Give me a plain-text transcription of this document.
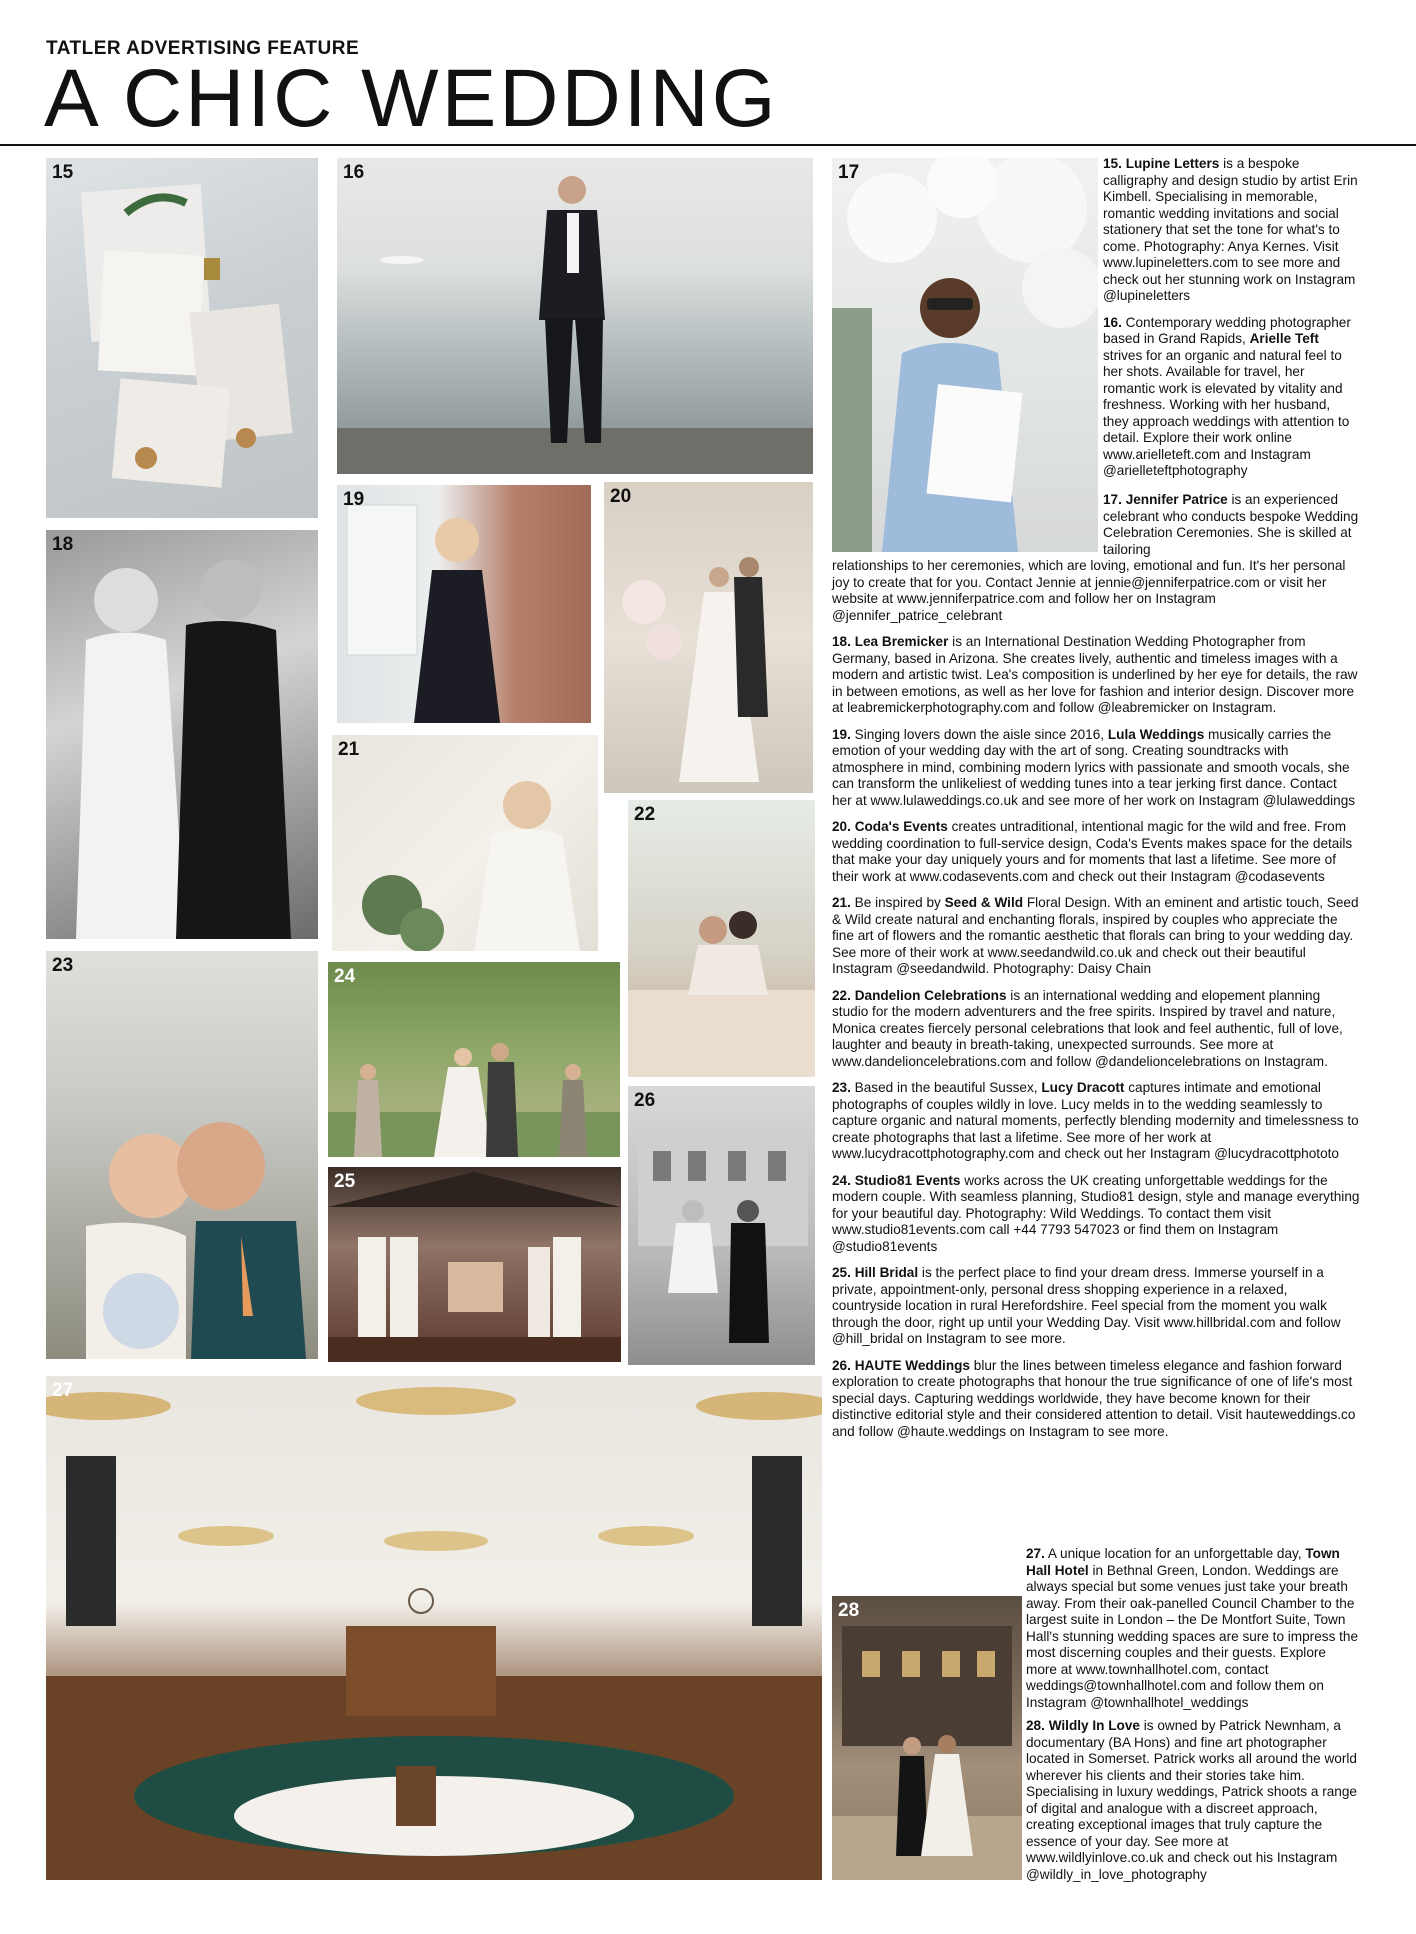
TATLER ADVERTISING FEATURE
A CHIC WEDDING
15	16	17
18
19	20
21
22
23
24
25
26
27
28

15. Lupine Letters is a bespoke calligraphy and design studio by artist Erin Kimbell. Specialising in memorable, romantic wedding invitations and social stationery that set the tone for what's to come. Photography: Anya Kernes. Visit www.lupineletters.com to see more and check out her stunning work on Instagram @lupineletters

16. Contemporary wedding photographer based in Grand Rapids, Arielle Teft strives for an organic and natural feel to her shots. Available for travel, her romantic work is elevated by vitality and freshness. Working with her husband, they approach weddings with attention to detail. Explore their work online www.arielleteft.com and Instagram @arielleteftphotography

17. Jennifer Patrice is an experienced celebrant who conducts bespoke Wedding Celebration Ceremonies. She is skilled at tailoring

relationships to her ceremonies, which are loving, emotional and fun. It's her personal joy to create that for you. Contact Jennie at jennie@jenniferpatrice.com or visit her website at www.jenniferpatrice.com and follow her on Instagram @jennifer_patrice_celebrant

18. Lea Bremicker is an International Destination Wedding Photographer from Germany, based in Arizona. She creates lively, authentic and timeless images with a modern and artistic twist. Lea's composition is underlined by her eye for details, the raw in between emotions, as well as her love for fashion and interior design. Discover more at leabremickerphotography.com and follow @leabremicker on Instagram.

19. Singing lovers down the aisle since 2016, Lula Weddings musically carries the emotion of your wedding day with the art of song. Creating soundtracks with atmosphere in mind, combining modern lyrics with passionate and smooth vocals, she can transform the unlikeliest of wedding tunes into a tear jerking first dance. Contact her at www.lulaweddings.co.uk and see more of her work on Instagram @lulaweddings

20. Coda's Events creates untraditional, intentional magic for the wild and free. From wedding coordination to full-service design, Coda's Events makes space for the details that make your day uniquely yours and for moments that last a lifetime. See more of their work at www.codasevents.com and check out their Instagram @codasevents

21. Be inspired by Seed & Wild Floral Design. With an eminent and artistic touch, Seed & Wild create natural and enchanting florals, inspired by couples who appreciate the fine art of flowers and the romantic aesthetic that florals can bring to your wedding day. See more of their work at www.seedandwild.co.uk and check out their beautiful Instagram @seedandwild. Photography: Daisy Chain

22. Dandelion Celebrations is an international wedding and elopement planning studio for the modern adventurers and the free spirits. Inspired by travel and nature, Monica creates fiercely personal celebrations that look and feel authentic, full of love, laughter and beauty in breath-taking, unexpected surrounds. See more at www.dandelioncelebrations.com and follow @dandelioncelebrations on Instagram.

23. Based in the beautiful Sussex, Lucy Dracott captures intimate and emotional photographs of couples wildly in love. Lucy melds in to the wedding seamlessly to capture organic and natural moments, perfectly blending modernity and timelessness to create photographs that last a lifetime. See more of her work at www.lucydracottphotography.com and check out her Instagram @lucydracottphototo

24. Studio81 Events works across the UK creating unforgettable weddings for the modern couple. With seamless planning, Studio81 design, style and manage everything for your beautiful day. Photography: Wild Weddings. To contact them visit www.studio81events.com call +44 7793 547023 or find them on Instagram @studio81events

25. Hill Bridal is the perfect place to find your dream dress. Immerse yourself in a private, appointment-only, personal dress shopping experience in a relaxed, countryside location in rural Herefordshire. Feel special from the moment you walk through the door, right up until your Wedding Day. Visit www.hillbridal.com and follow @hill_bridal on Instagram to see more.

26. HAUTE Weddings blur the lines between timeless elegance and fashion forward exploration to create photographs that honour the true significance of one of life's most special days. Capturing weddings worldwide, they have become known for their distinctive editorial style and their considered attention to detail. Visit hauteweddings.co and follow @haute.weddings on Instagram to see more.

27. A unique location for an unforgettable day, Town Hall Hotel in Bethnal Green, London. Weddings are always special but some venues just take your breath away. From their oak-panelled Council Chamber to the largest suite in London – the De Montfort Suite, Town Hall's stunning wedding spaces are sure to impress the most discerning couples and their guests. Explore more at www.townhallhotel.com, contact weddings@townhallhotel.com and follow them on Instagram @townhallhotel_weddings

28. Wildly In Love is owned by Patrick Newnham, a documentary (BA Hons) and fine art photographer located in Somerset. Patrick works all around the world wherever his clients and their stories take him. Specialising in luxury weddings, Patrick shoots a range of digital and analogue with a discreet approach, creating exceptional images that truly capture the essence of your day. See more at www.wildlyinlove.co.uk and check out his Instagram @wildly_in_love_photography
